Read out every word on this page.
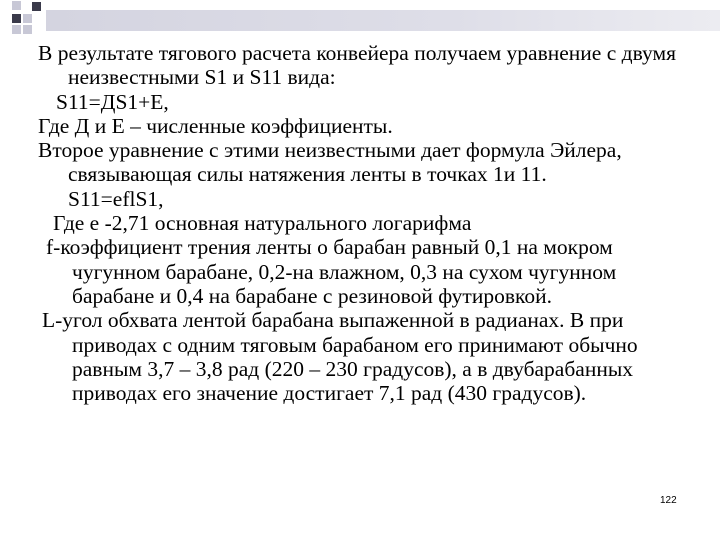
В результате тягового расчета конвейера получаем уравнение с двумя неизвестными S1 и S11 вида:

S11=ДS1+Е,

Где Д и Е – численные коэффициенты.

Второе уравнение с этими неизвестными дает формула Эйлера, связывающая силы натяжения ленты в точках 1и 11.

S11=eflS1,

Где е -2,71 основная натурального логарифма

f-коэффициент трения ленты о барабан равный 0,1 на мокром чугунном барабане, 0,2-на влажном, 0,3 на сухом чугунном барабане и 0,4 на барабане с резиновой футировкой.

L-угол обхвата лентой барабана выпаженной в радианах. В при приводах с одним тяговым барабаном его принимают обычно равным 3,7 – 3,8 рад (220 – 230 градусов), а в двубарабанных приводах его значение достигает 7,1 рад (430 градусов).

122
